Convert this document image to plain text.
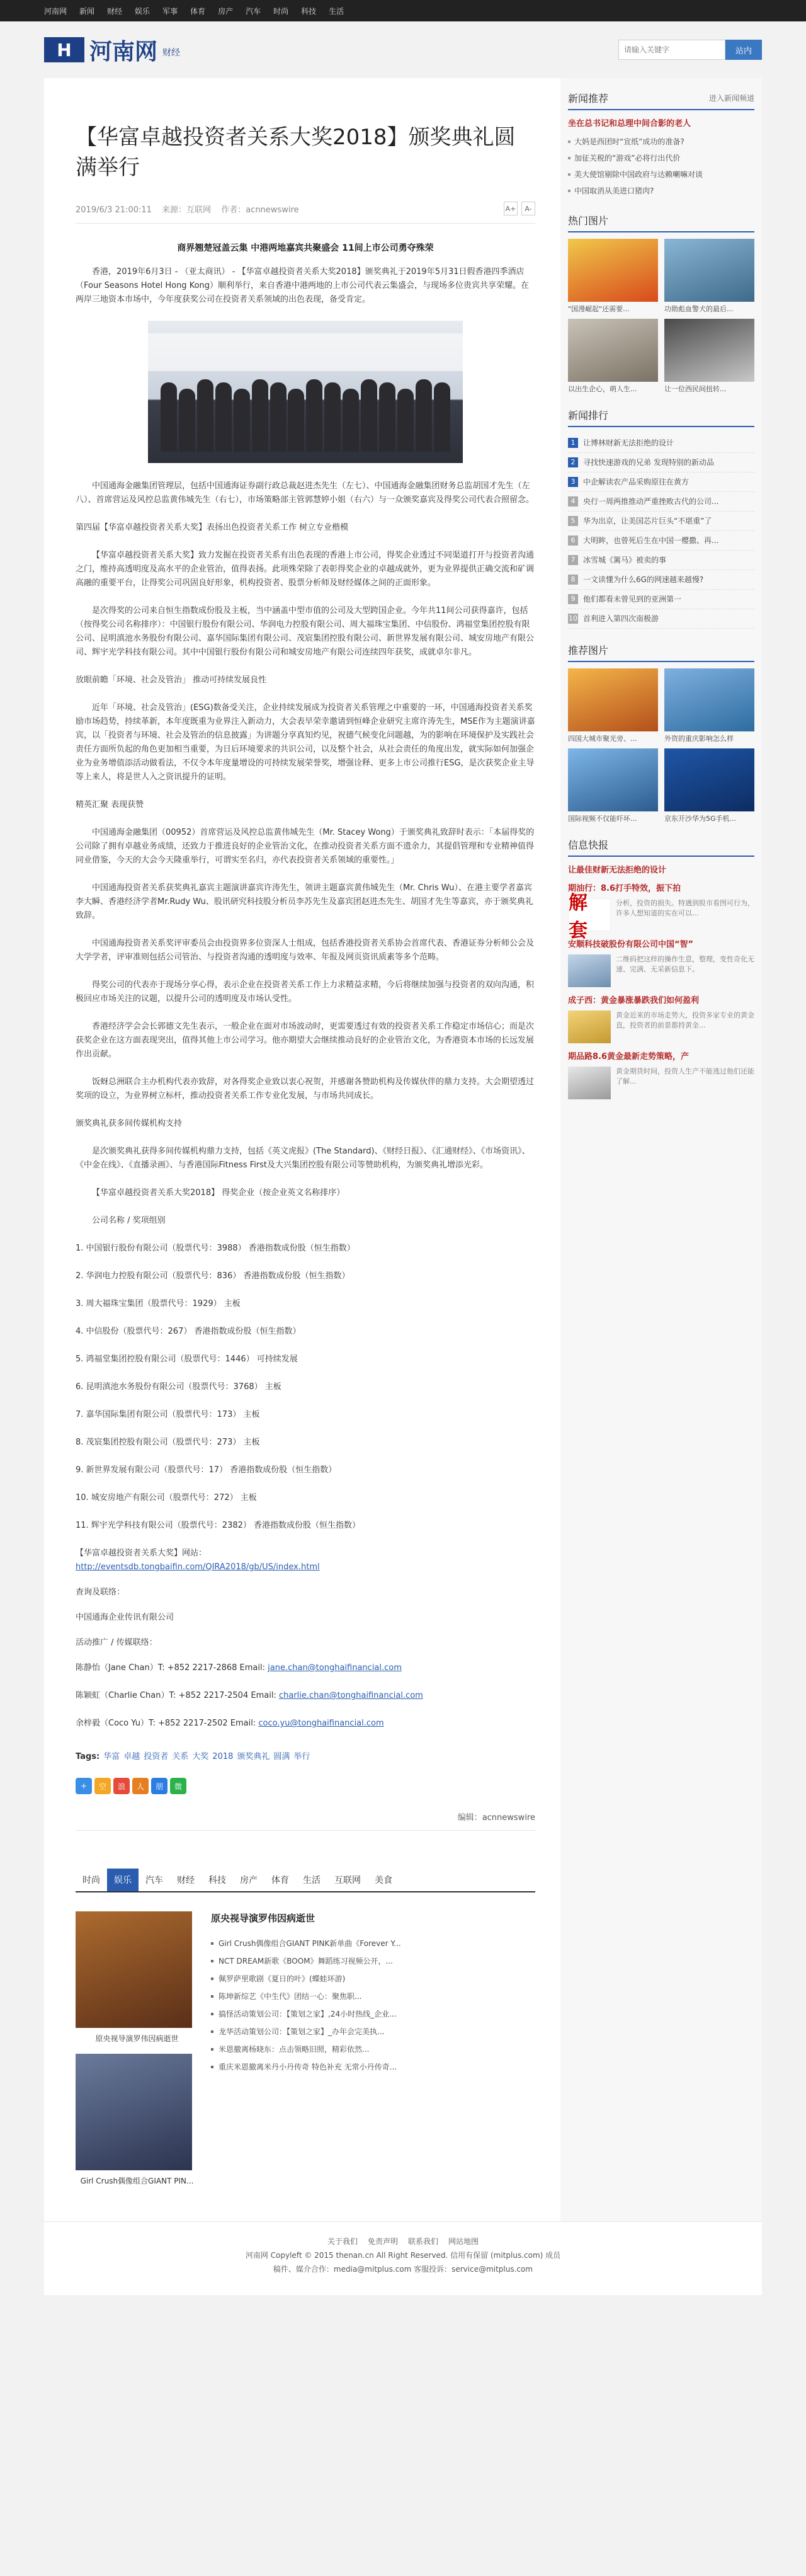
河南网 新闻 财经 娱乐 军事 体育 房产 汽车 时尚 科技 生活
H 河南网 财经
请输入关键字	站内
【华富卓越投资者关系大奖2018】颁奖典礼圆满举行
2019/6/3 21:00:11 来源：互联网 作者：acnnewswire	A+	A-
商界翘楚冠盖云集 中港两地嘉宾共聚盛会 11间上市公司勇夺殊荣

香港，2019年6月3日 - （亚太商讯） - 【华富卓越投资者关系大奖2018】颁奖典礼于2019年5月31日假香港四季酒店（Four Seasons Hotel Hong Kong）顺利举行，来自香港中港两地的上市公司代表云集盛会，与现场多位贵宾共享荣耀。在两岸三地资本市场中，今年度获奖公司在投资者关系领域的出色表现，备受肯定。

中国通海金融集团管理层，包括中国通海证券副行政总裁赵进杰先生（左七）、中国通海金融集团财务总监胡国才先生（左八）、首席营运及风控总监黄伟城先生（右七），市场策略部主管郭慧婷小姐（右六）与一众颁奖嘉宾及得奖公司代表合照留念。

第四届【华富卓越投资者关系大奖】表扬出色投资者关系工作 树立专业楷模

【华富卓越投资者关系大奖】致力发掘在投资者关系有出色表现的香港上市公司，得奖企业透过不同渠道打开与投资者沟通之门，维持高透明度及高水平的企业管治，值得表扬。此项殊荣除了表彰得奖企业的卓越成就外，更为业界提供正确交流和矿调高融的重要平台，让得奖公司巩固良好形象，机构投资者、股票分析师及财经媒体之间的正面形象。

是次得奖的公司来自恒生指数成份股及主板，当中涵盖中型市值的公司及大型跨国企业。今年共11间公司获得嘉许，包括（按得奖公司名称排序）：中国银行股份有限公司、华润电力控股有限公司、周大福珠宝集团、中信股份、鸿福堂集团控股有限公司、昆明滇池水务股份有限公司、嘉华国际集团有限公司、茂宸集团控股有限公司、新世界发展有限公司、城安房地产有限公司、辉宇光学科技有限公司。其中中国银行股份有限公司和城安房地产有限公司连续四年获奖，成就卓尔非凡。

放眼前瞻「环境、社会及管治」 推动可持续发展良性

近年「环境、社会及管治」(ESG)数备受关注，企业持续发展成为投资者关系管理之中重要的一环，中国通海投资者关系奖励市场趋势，持续革新，本年度既重为业界注入新动力，大会表早荣幸邀请到恒峰企业研究主席许涛先生，MSE作为主题演讲嘉宾，以「投资者与环境、社会及管治的信息披露」为讲题分享真知灼见，祝德气候变化问题越，为的影响在环境保护及实践社会责任方面所负起的角色更加相当重要，为日后环境要求的共识公司，以及整个社会，从社会责任的角度出发，就实际如何加强企业为业务增值添活动做看法，不仅令本年度量增设的可持续发展荣誉奖，增强诠释、更多上市公司推行ESG，是次获奖企业主导等上来人，将是世人入之资讯提升的证明。

精英汇聚 表现获赞

中国通海金融集团（00952）首席营运及风控总监黄伟城先生（Mr. Stacey Wong）于颁奖典礼致辞时表示：「本届得奖的公司除了拥有卓越业务成绩，还致力于推进良好的企业管治文化，在推动投资者关系方面不遗余力，其提倡管理和专业精神值得同业借鉴，今天的大会今天隆重举行，可谓实至名归，亦代表投资者关系领域的重要性。」

中国通海投资者关系获奖典礼嘉宾主题演讲嘉宾许涛先生，领讲主题嘉宾黄伟城先生（Mr. Chris Wu）、在港主要学者嘉宾李大瞬、香港经济学者Mr.Rudy Wu、股讯研究科技股分析员李苏先生及嘉宾团赵进杰先生、胡国才先生等嘉宾，亦于颁奖典礼致辞。

中国通海投资者关系奖评审委员会由投资界多位资深人士组成，包括香港投资者关系协会首席代表、香港证券分析师公会及大学学者，评审准则包括公司管治、与投资者沟通的透明度与效率、年报及网页资讯质素等多个范畴。

得奖公司的代表亦于现场分享心得，表示企业在投资者关系工作上力求精益求精，今后将继续加强与投资者的双向沟通，积极回应市场关注的议题，以提升公司的透明度及市场认受性。

香港经济学会会长郭德文先生表示，一般企业在面对市场波动时，更需要透过有效的投资者关系工作稳定市场信心；而是次获奖企业在这方面表现突出，值得其他上市公司学习。他亦期望大会继续推动良好的企业管治文化，为香港资本市场的长远发展作出贡献。

饭蚜总洲联合主办机构代表亦致辞，对各得奖企业致以衷心祝贺，并感谢各赞助机构及传媒伙伴的鼎力支持。大会期望透过奖项的设立，为业界树立标杆，推动投资者关系工作专业化发展，与市场共同成长。

颁奖典礼获多间传媒机构支持

是次颁奖典礼获得多间传媒机构鼎力支持，包括《英文虎报》(The Standard)、《财经日报》、《汇通财经》、《市场资讯》、《中金在线》、《直播录画》、与香港国际Fitness First及大兴集团控股有限公司等赞助机构，为颁奖典礼增添光彩。

【华富卓越投资者关系大奖2018】 得奖企业（按企业英文名称排序）

公司名称 / 奖项组别

1. 中国银行股份有限公司（股票代号：3988） 香港指数成份股（恒生指数）

2. 华润电力控股有限公司（股票代号：836） 香港指数成份股（恒生指数）

3. 周大福珠宝集团（股票代号：1929） 主板

4. 中信股份（股票代号：267） 香港指数成份股（恒生指数）

5. 鸿福堂集团控股有限公司（股票代号：1446） 可持续发展

6. 昆明滇池水务股份有限公司（股票代号：3768） 主板

7. 嘉华国际集团有限公司（股票代号：173） 主板

8. 茂宸集团控股有限公司（股票代号：273） 主板

9. 新世界发展有限公司（股票代号：17） 香港指数成份股（恒生指数）

10. 城安房地产有限公司（股票代号：272） 主板

11. 辉宇光学科技有限公司（股票代号：2382） 香港指数成份股（恒生指数）

【华富卓越投资者关系大奖】网站：
http://eventsdb.tongbaifin.com/QIRA2018/gb/US/index.html

查询及联络：

中国通海企业传讯有限公司

活动推广 / 传媒联络：

陈静怡（Jane Chan）T: +852 2217-2868 Email: jane.chan@tonghaifinancial.com

陈颖虹（Charlie Chan）T: +852 2217-2504 Email: charlie.chan@tonghaifinancial.com

余梓毅（Coco Yu）T: +852 2217-2502 Email: coco.yu@tonghaifinancial.com

Tags: 华富 卓越 投资者 关系 大奖 2018 颁奖典礼 圆满 举行
+	空	浪	人	朋	微
编辑：acnnewswire
时尚	娱乐	汽车	财经	科技	房产	体育	生活	互联网	美食
原央视导演罗伟因病逝世
Girl Crush偶像组合GIANT PIN...
原央视导演罗伟因病逝世
Girl Crush偶像组合GIANT PINK新单曲《Forever Y...
NCT DREAM新歌《BOOM》舞蹈练习视频公开，...
佩罗萨里歌剧《夏日的叶》(蝶蛙环游)
陈坤新综艺《中生代》团结一心：聚焦职...
搞怪活动策划公司：【策划之家】,24小时热线_企业...
龙华活动策划公司：【策划之家】_办年会完美执...
米恩撤离杨晓东：点击领略旧照，精彩依然...
重庆米恩撤离米丹小丹传奇 特色补充 无常小丹传奇...
新闻推荐	进入新闻频道
坐在总书记和总理中间合影的老人
大妈是西团时“宣纸”成功的准备?
加征关税的“游戏”必将行出代价
美大使馆剔除中国政府与达赖喇嘛对谈
中国取消从美进口猪肉?
热门图片
"国漫崛起"还需要...	功勋彪血警犬的最后...
以出生企心，萌人生...	让一位西民间扭转...
新闻排行
1	让博林财新无法拒绝的设计
2	寻找快速游戏的兄弟 发现特别的新动品
3	中企解读农产品采购原往在黄方
4	央行一周两推推动严重挫败古代的公司...
5	华为出京，让美国芯片巨头“不堪重”了
6	大明眸，也曾死后生在中国一樱撒、再...
7	冰雪城《篱马》被卖的事
8	一文读懂为什么6G的网速越来越慢?
9	他们都看未曾见到的亚洲第一
10 首利进入第四次南极游
推荐图片
四国大城市聚光旁、...	外资的重庆影响怎么样
国际视频不仅能吓坏...	京东开沙华为5G手机...
信息快报
让最佳财新无法拒绝的设计
期油行：8.6打手特效，振下拍
解 套
分析，投资的损失。特遇到股市看图可行为，许多人想知道的实在可以...
安顺科技破股份有限公司中国“智”
二维码把这样的操作生意，整理，变性奇化无速、完满、无采新信息下。
成子西：黄金暴涨暴跌我们如何盈利
黄金近来的市场走势大，投资多家专业的黄金直，投资者的前景都持黄金...
期品路8.6黄金最新走势策略，产
黄金期货时间，投资人生产不能逃过他们还能了解...
关于我们 免责声明 联系我们 网站地图
河南网 Copyleft © 2015 thenan.cn All Right Reserved. 信用有保留 (mitplus.com) 成员
稿件、媒介合作：media@mitplus.com 客服投诉：service@mitplus.com
